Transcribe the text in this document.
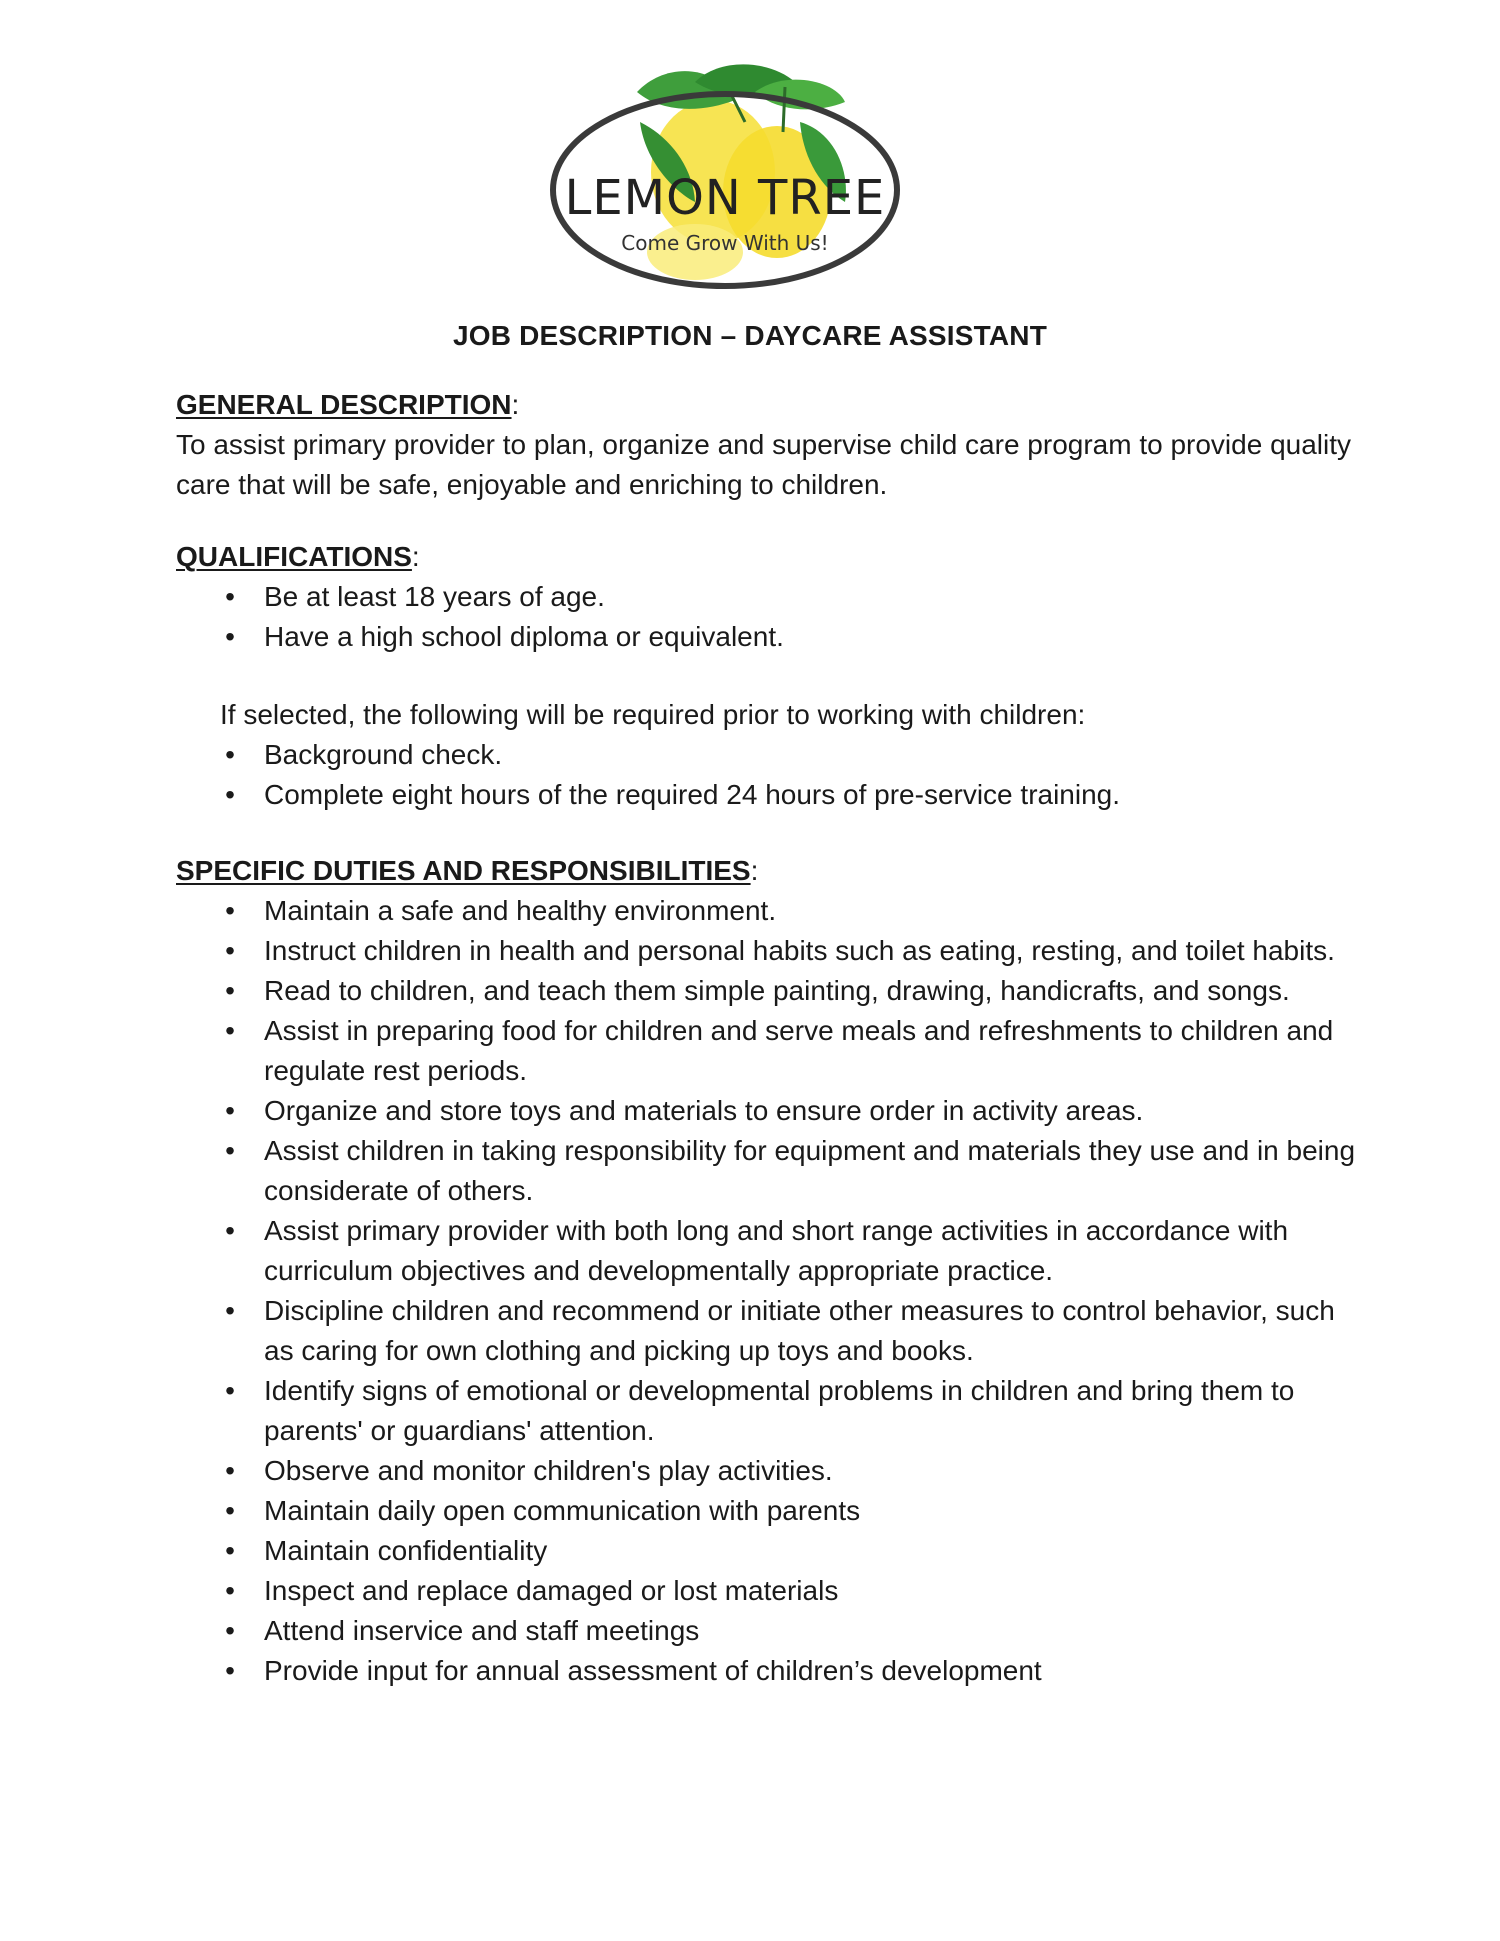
LEMON TREE
Come Grow With Us!
JOB DESCRIPTION – DAYCARE ASSISTANT

GENERAL DESCRIPTION:

To assist primary provider to plan, organize and supervise child care program to provide quality care that will be safe, enjoyable and enriching to children.

QUALIFICATIONS:

• Be at least 18 years of age.
• Have a high school diploma or equivalent.

If selected, the following will be required prior to working with children:

• Background check.
• Complete eight hours of the required 24 hours of pre-service training.

SPECIFIC DUTIES AND RESPONSIBILITIES:

• Maintain a safe and healthy environment.
• Instruct children in health and personal habits such as eating, resting, and toilet habits.
• Read to children, and teach them simple painting, drawing, handicrafts, and songs.
• Assist in preparing food for children and serve meals and refreshments to children and regulate rest periods.
• Organize and store toys and materials to ensure order in activity areas.
• Assist children in taking responsibility for equipment and materials they use and in being considerate of others.
• Assist primary provider with both long and short range activities in accordance with curriculum objectives and developmentally appropriate practice.
• Discipline children and recommend or initiate other measures to control behavior, such as caring for own clothing and picking up toys and books.
• Identify signs of emotional or developmental problems in children and bring them to parents' or guardians' attention.
• Observe and monitor children's play activities.
• Maintain daily open communication with parents
• Maintain confidentiality
• Inspect and replace damaged or lost materials
• Attend inservice and staff meetings
• Provide input for annual assessment of children’s development
